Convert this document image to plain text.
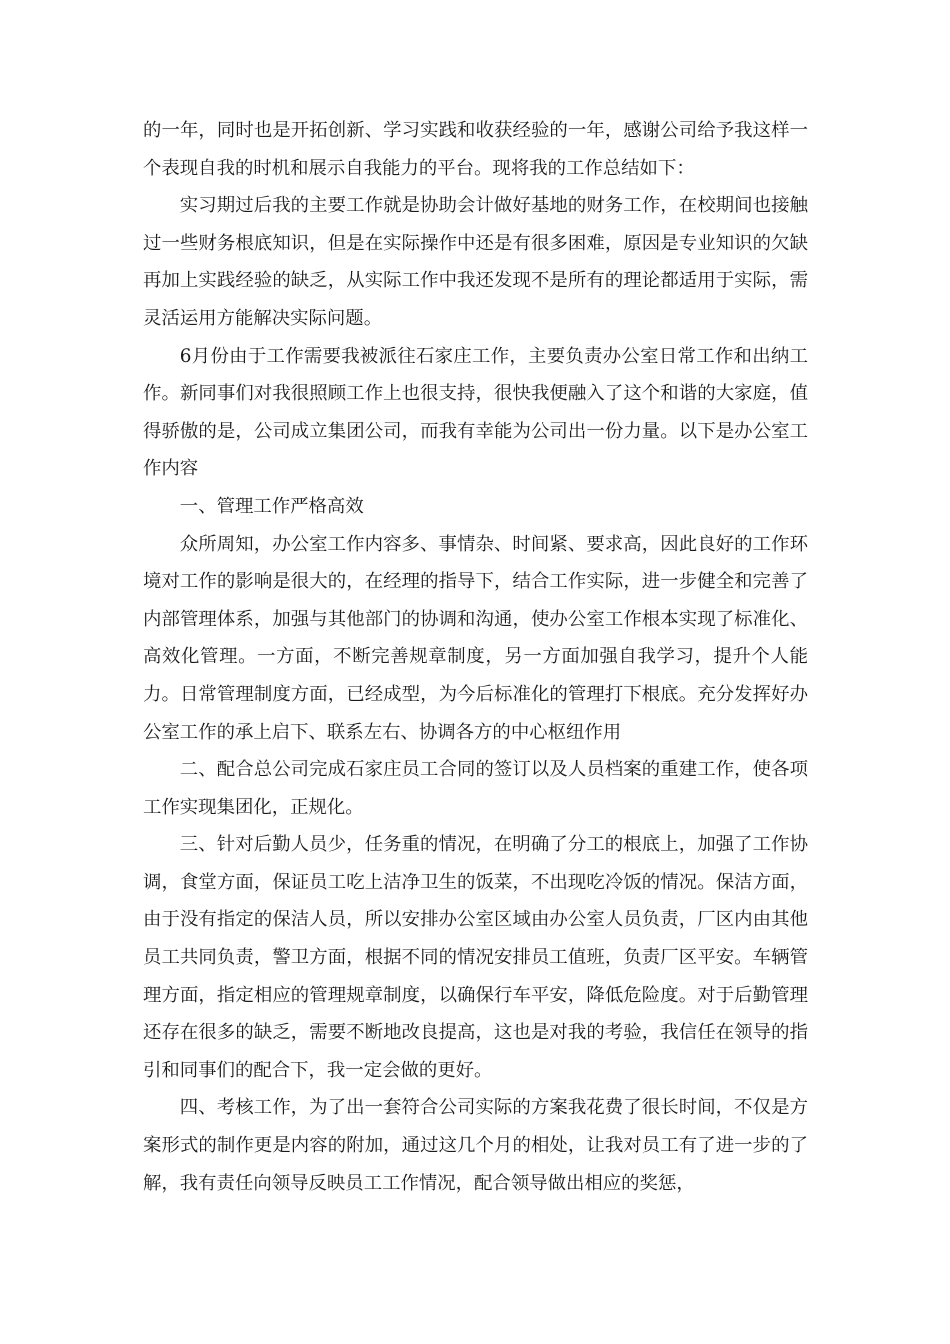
的一年，同时也是开拓创新、学习实践和收获经验的一年，感谢公司给予我这样一个表现自我的时机和展示自我能力的平台。现将我的工作总结如下：

实习期过后我的主要工作就是协助会计做好基地的财务工作，在校期间也接触过一些财务根底知识，但是在实际操作中还是有很多困难，原因是专业知识的欠缺再加上实践经验的缺乏，从实际工作中我还发现不是所有的理论都适用于实际，需灵活运用方能解决实际问题。

6月份由于工作需要我被派往石家庄工作，主要负责办公室日常工作和出纳工作。新同事们对我很照顾工作上也很支持，很快我便融入了这个和谐的大家庭，值得骄傲的是，公司成立集团公司，而我有幸能为公司出一份力量。以下是办公室工作内容

一、管理工作严格高效

众所周知，办公室工作内容多、事情杂、时间紧、要求高，因此良好的工作环境对工作的影响是很大的，在经理的指导下，结合工作实际，进一步健全和完善了内部管理体系，加强与其他部门的协调和沟通，使办公室工作根本实现了标准化、高效化管理。一方面，不断完善规章制度，另一方面加强自我学习，提升个人能力。日常管理制度方面，已经成型，为今后标准化的管理打下根底。充分发挥好办公室工作的承上启下、联系左右、协调各方的中心枢纽作用

二、配合总公司完成石家庄员工合同的签订以及人员档案的重建工作，使各项工作实现集团化，正规化。

三、针对后勤人员少，任务重的情况，在明确了分工的根底上，加强了工作协调，食堂方面，保证员工吃上洁净卫生的饭菜，不出现吃冷饭的情况。保洁方面，由于没有指定的保洁人员，所以安排办公室区域由办公室人员负责，厂区内由其他员工共同负责，警卫方面，根据不同的情况安排员工值班，负责厂区平安。车辆管理方面，指定相应的管理规章制度，以确保行车平安，降低危险度。对于后勤管理还存在很多的缺乏，需要不断地改良提高，这也是对我的考验，我信任在领导的指引和同事们的配合下，我一定会做的更好。

四、考核工作，为了出一套符合公司实际的方案我花费了很长时间，不仅是方案形式的制作更是内容的附加，通过这几个月的相处，让我对员工有了进一步的了解，我有责任向领导反映员工工作情况，配合领导做出相应的奖惩，
